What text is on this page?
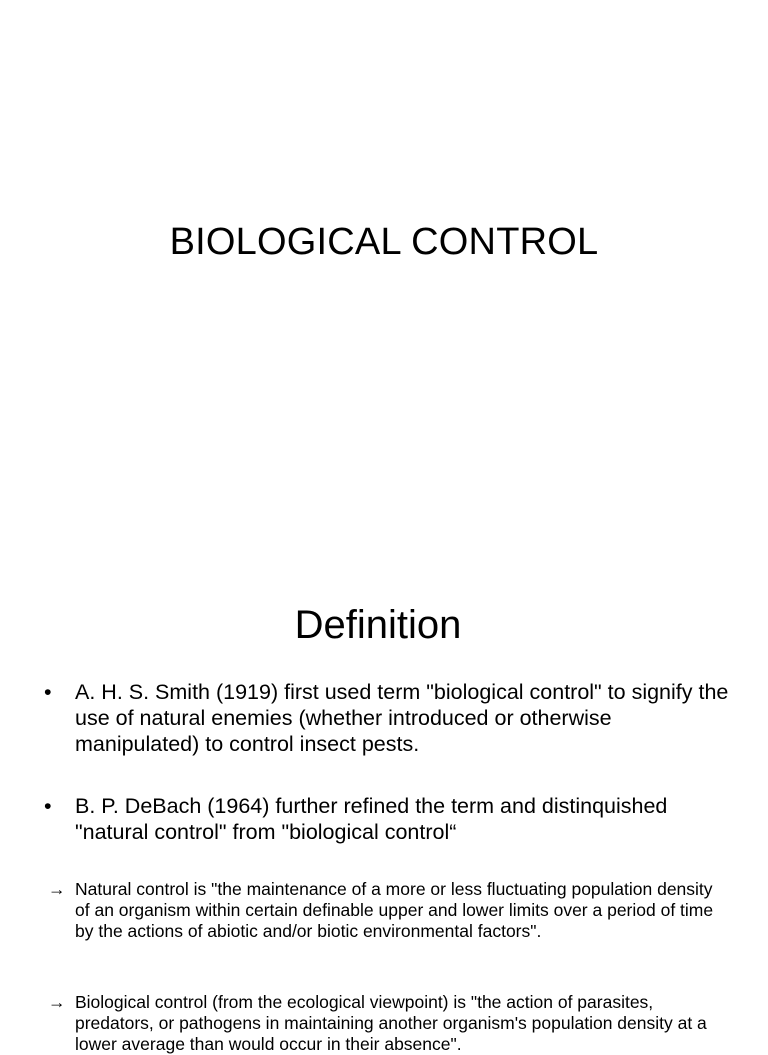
BIOLOGICAL CONTROL
Definition
•	A. H. S. Smith (1919) first used term "biological control" to signify the use of natural enemies (whether introduced or otherwise manipulated) to control insect pests.
•	B. P. DeBach (1964) further refined the term and distinquished "natural control" from "biological control“
→ Natural control is "the maintenance of a more or less fluctuating population density of an organism within certain definable upper and lower limits over a period of time by the actions of abiotic and/or biotic environmental factors".
→ Biological control (from the ecological viewpoint) is "the action of parasites, predators, or pathogens in maintaining another organism's population density at a lower average than would occur in their absence".
